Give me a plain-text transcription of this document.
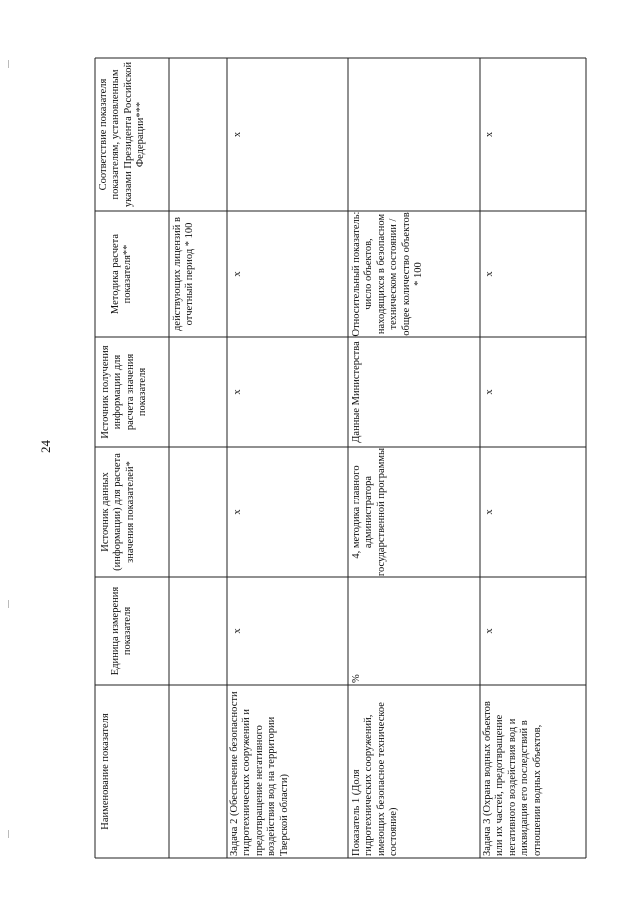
24
Наименование показателя
Единица измерения показателя
Источник данных (информации) для расчета значения показателей*
Источник получения информации для расчета значения показателя
Методика расчета показателя**
Соответствие показателя показателям, установленным указами Президента Российской Федерации***
действующих лицензий в отчетный период * 100
Задача 2 (Обеспечение безопасности гидротехнических сооружений и предотвращение негативного воздействия вод на территории Тверской области)
х
х
х
х
х
Показатель 1 (Доля гидротехнических сооружений, имеющих безопасное техническое состояние)
%
4, методика главного администратора государственной программы
Данные Министерства
Относительный показатель: число объектов, находящихся в безопасном техническом состоянии / общее количество объектов * 100
Задача 3 (Охрана водных объектов или их частей, предотвращение негативного воздействия вод и ликвидация его последствий в отношении водных объектов,
х
х
х
х
х
